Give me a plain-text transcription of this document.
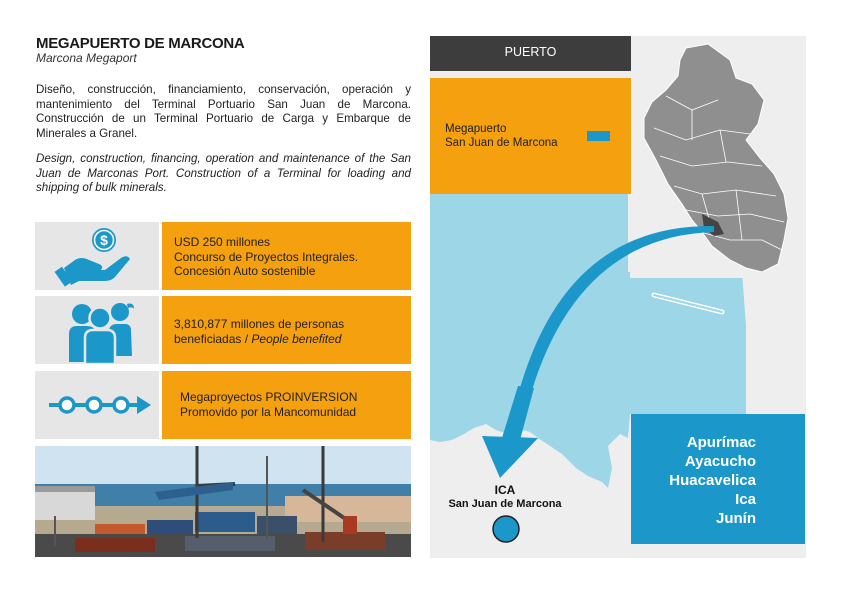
MEGAPUERTO DE MARCONA
Marcona Megaport
Diseño, construcción, financiamiento, conservación, operación y mantenimiento del Terminal Portuario San Juan de Marcona. Construcción de un Terminal Portuario de Carga y Embarque de Minerales a Granel.
Design, construction, financing, operation and maintenance of the San Juan de Marconas Port. Construction of a Terminal for loading and shipping of bulk minerals.
$	USD 250 millones
Concurso de Proyectos Integrales.
Concesión Auto sostenible
3,810,877 millones de personas
beneficiadas / People benefited
Megaproyectos PROINVERSION
Promovido por la Mancomunidad
PUERTO
Megapuerto
San Juan de Marcona
ICA
San Juan de Marcona
Apurímac
Ayacucho
Huacavelica
Ica
Junín
